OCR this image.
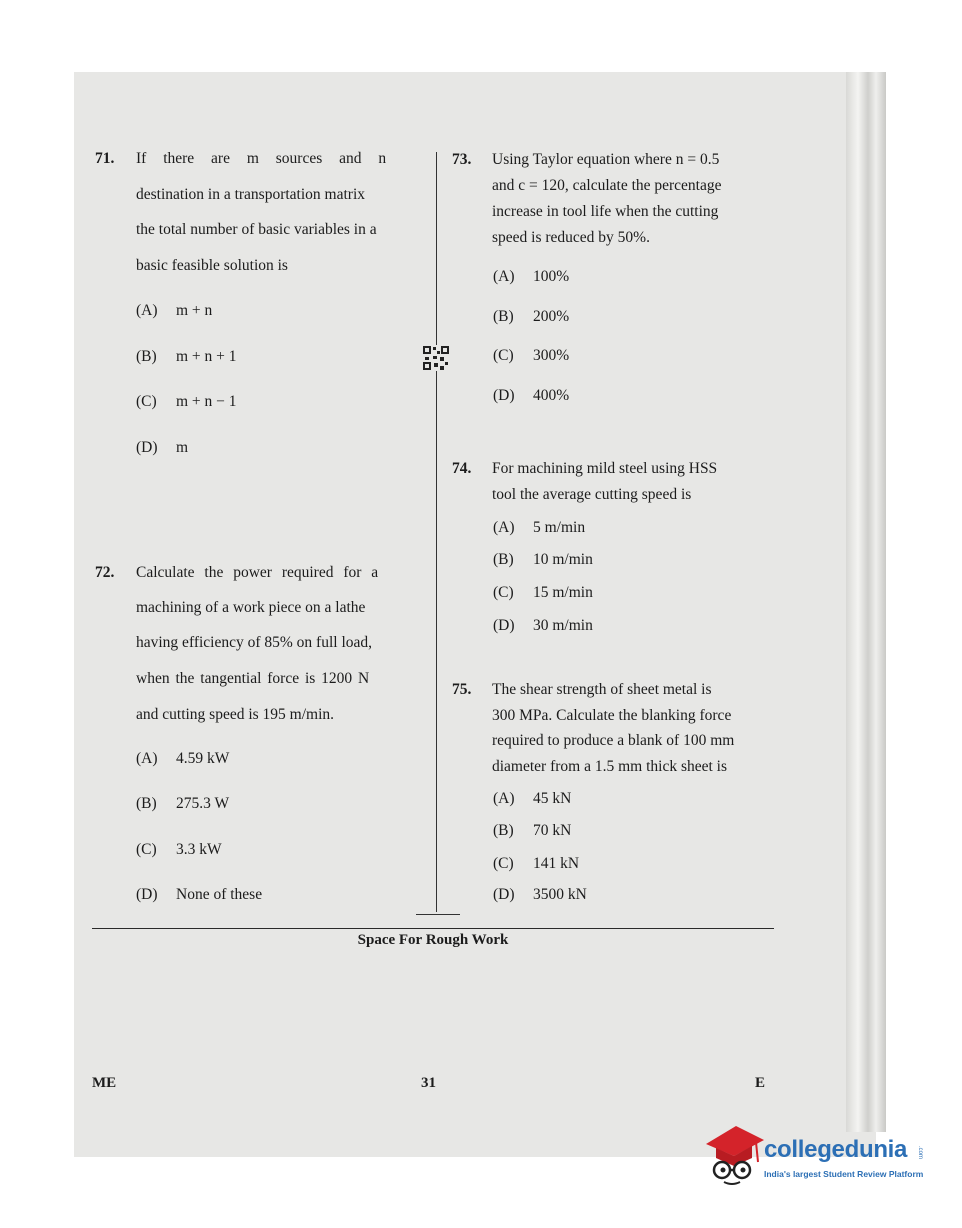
71. If there are m sources and n
destination in a transportation matrix
the total number of basic variables in a
basic feasible solution is
(A) m + n
(B) m + n + 1
(C) m + n − 1
(D) m
72. Calculate the power required for a
machining of a work piece on a lathe
having efficiency of 85% on full load,
when the tangential force is 1200 N
and cutting speed is 195 m/min.
(A) 4.59 kW
(B) 275.3 W
(C) 3.3 kW
(D) None of these
73. Using Taylor equation where n = 0.5
and c = 120, calculate the percentage
increase in tool life when the cutting
speed is reduced by 50%.
(A) 100%
(B) 200%
(C) 300%
(D) 400%
74. For machining mild steel using HSS
tool the average cutting speed is
(A) 5 m/min
(B) 10 m/min
(C) 15 m/min
(D) 30 m/min
75. The shear strength of sheet metal is
300 MPa. Calculate the blanking force
required to produce a blank of 100 mm
diameter from a 1.5 mm thick sheet is
(A) 45 kN
(B) 70 kN
(C) 141 kN
(D) 3500 kN
Space For Rough Work
ME	31	E
collegedunia .com
India's largest Student Review Platform
